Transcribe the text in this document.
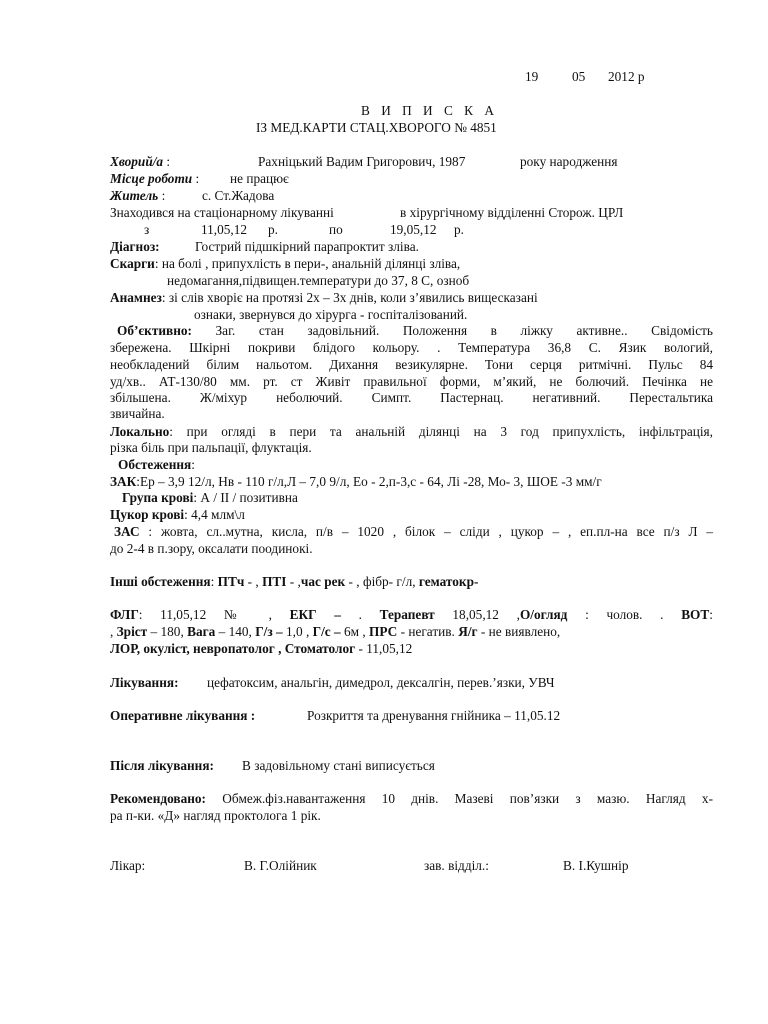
19	05 2012 р
В И П И С К А
ІЗ МЕД.КАРТИ СТАЦ.ХВОРОГО № 4851
Хворий/а :	Рахніцький Вадим Григорович, 1987	року народження
Місце роботи : не працює
Житель :	с. Ст.Жадова
Знаходився на стаціонарному лікуванні	в хірургічному відділенні Сторож. ЦРЛ
з	11,05,12 р.	по	19,05,12 р.
Діагноз:	Гострий підшкірний парапроктит зліва.
Скарги: на болі , припухлість в пери-, анальній ділянці зліва,
недомагання,підвищен.температури до 37, 8 С, озноб
Анамнез: зі слів хворіє на протязі 2х – 3х днів, коли з’явились вищесказані
ознаки, звернувся до хірурга - госпіталізований.
Об’єктивно: Заг. стан задовільний. Положення в ліжку активне.. Свідомість
збережена. Шкірні покриви блідого кольору. . Температура 36,8 С. Язик вологий,
необкладений білим нальотом. Дихання везикулярне. Тони серця ритмічні. Пульс 84
уд/хв.. АТ-130/80 мм. рт. ст Живіт правильної форми, м’який, не болючий. Печінка не
збільшена. Ж/міхур неболючий. Симпт. Пастернац. негативний. Перестальтика
звичайна.
Локально: при огляді в пери та анальній ділянці на 3 год припухлість, інфільтрація,
різка біль при пальпації, флуктація.
Обстеження:
ЗАК:Ер – 3,9 12/л, Нв - 110 г/л,Л – 7,0 9/л, Ео - 2,п-3,с - 64, Лі -28, Мо- 3, ШОЕ -3 мм/г
Група крові: А / ІІ / позитивна
Цукор крові: 4,4 млм\л
ЗАС : жовта, сл..мутна, кисла, п/в – 1020 , білок – сліди , цукор – , еп.пл-на все п/з Л –
до 2-4 в п.зору, оксалати поодинокі.
Інші обстеження: ПТч - , ПТІ - ,час рек - , фібр- г/л, гематокр-
ФЛГ: 11,05,12 № , ЕКГ – . Терапевт 18,05,12 ,О/огляд : чолов. . ВОТ:
, Зріст – 180, Вага – 140, Г/з – 1,0 , Г/с – 6м , ПРС - негатив. Я/г - не виявлено,
ЛОР, окуліст, невропатолог , Стоматолог - 11,05,12
Лікування: цефатоксим, анальгін, димедрол, дексалгін, перев.’язки, УВЧ
Оперативне лікування :	Розкриття та дренування гнійника – 11,05.12
Після лікування: В задовільному стані виписується
Рекомендовано: Обмеж.фіз.навантаження 10 днів. Мазеві пов’язки з мазю. Нагляд х-
ра п-ки. «Д» нагляд проктолога 1 рік.
Лікар:	В. Г.Олійник	зав. відділ.:	В. І.Кушнір
